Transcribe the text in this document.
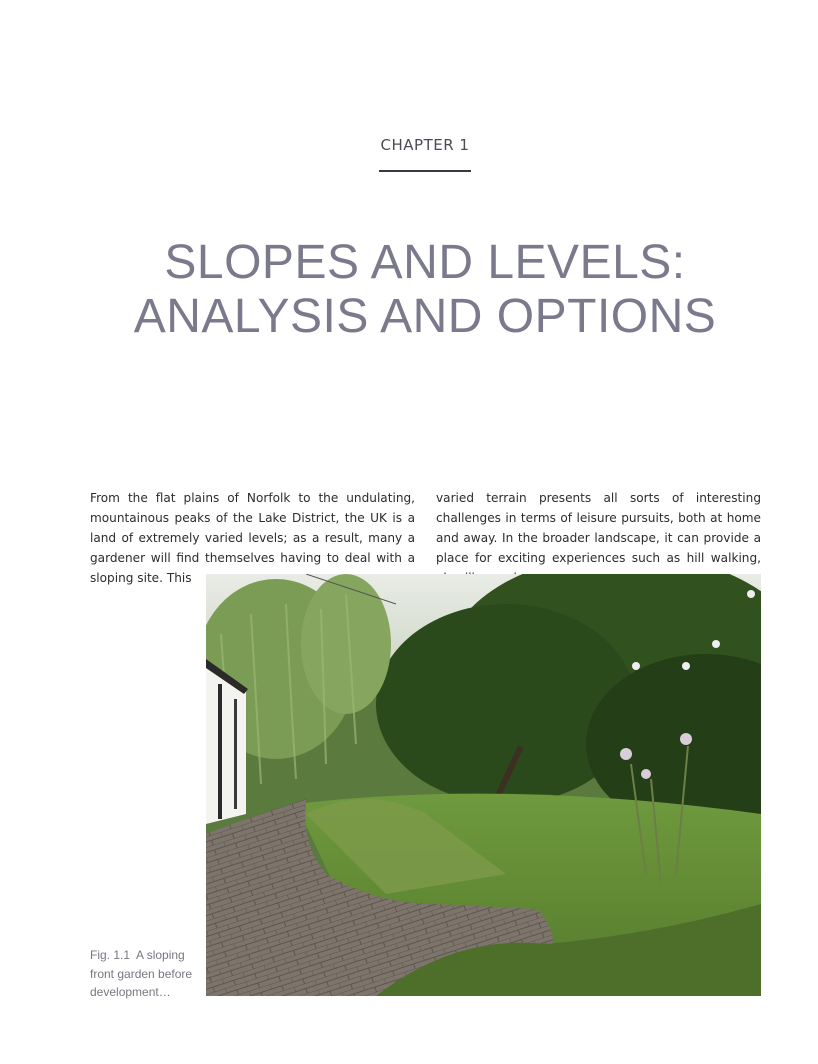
CHAPTER 1
SLOPES AND LEVELS:
ANALYSIS AND OPTIONS

From the flat plains of Norfolk to the undulating, mountainous peaks of the Lake District, the UK is a land of extremely varied levels; as a result, many a gardener will find themselves having to deal with a sloping site. This

varied terrain presents all sorts of interesting challenges in terms of leisure pursuits, both at home and away. In the broader landscape, it can provide a place for exciting experiences such as hill walking,

Fig. 1.1 A sloping front garden before development…
